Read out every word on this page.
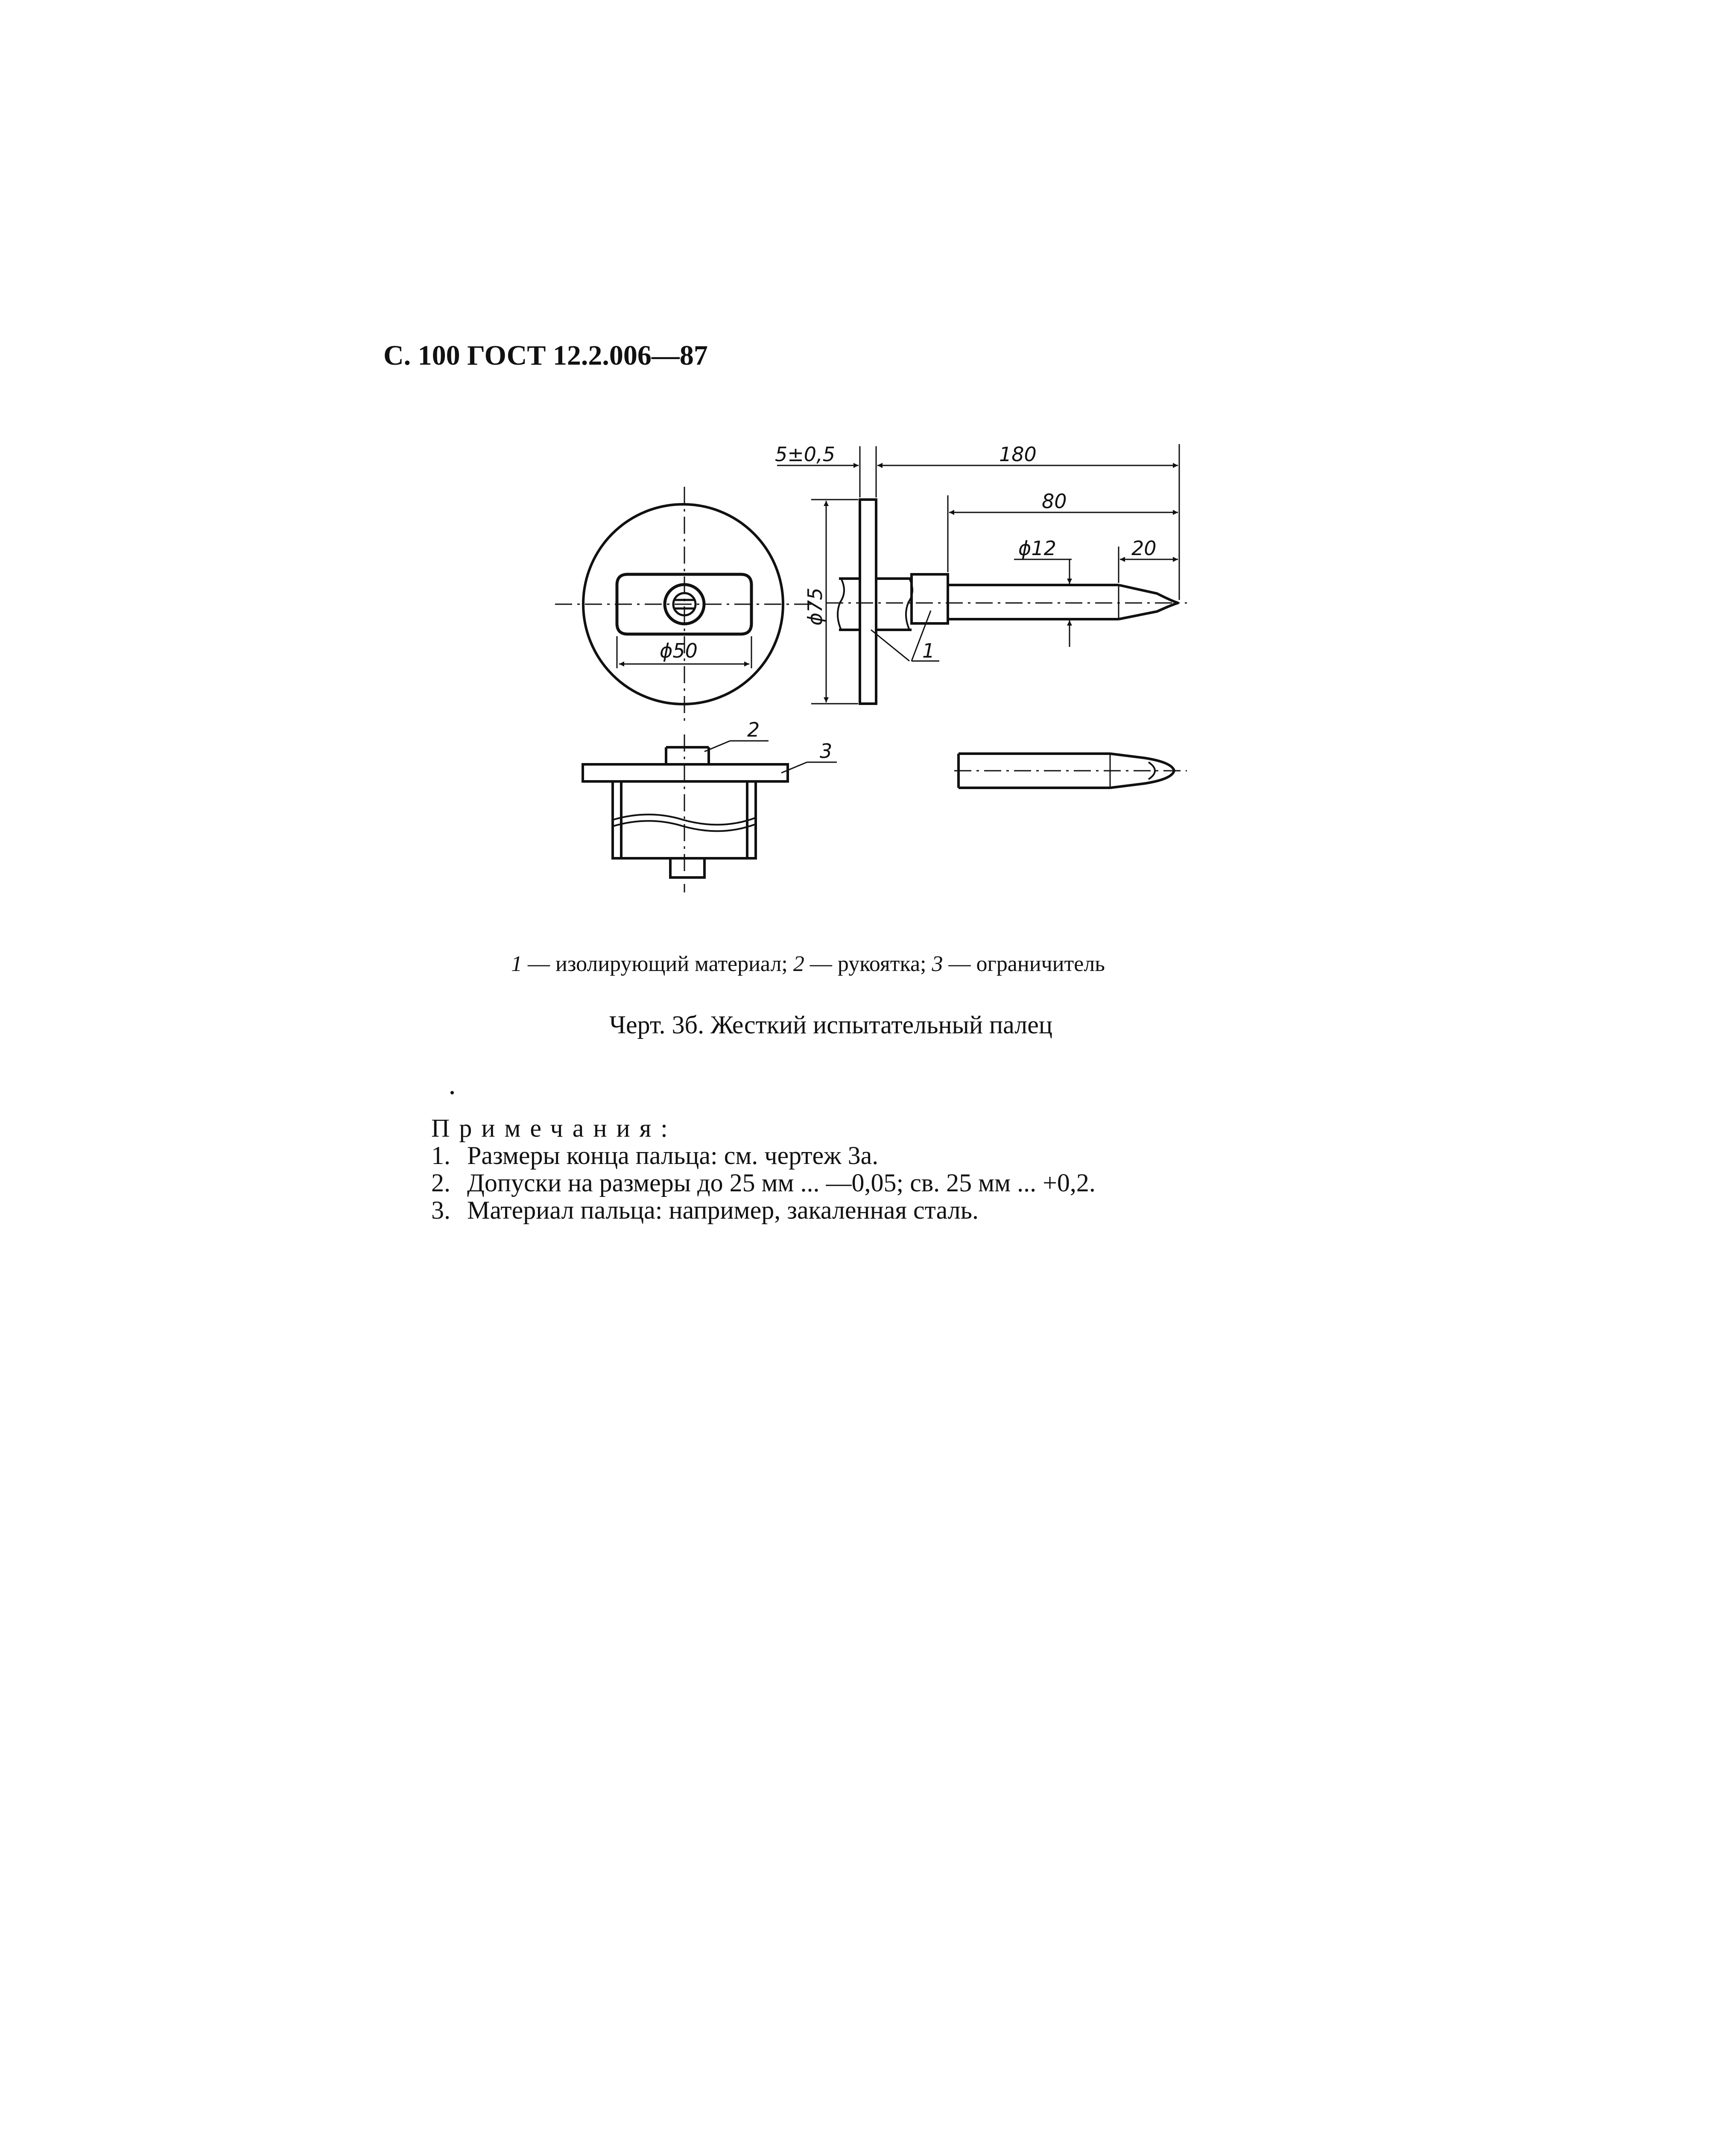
С. 100 ГОСТ 12.2.006—87
ϕ50
5±0,5	180
80
ϕ12	20
ϕ75
1
2
3
1 — изолирующий материал; 2 — рукоятка; 3 — ограничитель
Черт. 3б. Жесткий испытательный палец
Примечания:
1. Размеры конца пальца: см. чертеж 3а.
2. Допуски на размеры до 25 мм ... —0,05; св. 25 мм ... +0,2.
3. Материал пальца: например, закаленная сталь.
